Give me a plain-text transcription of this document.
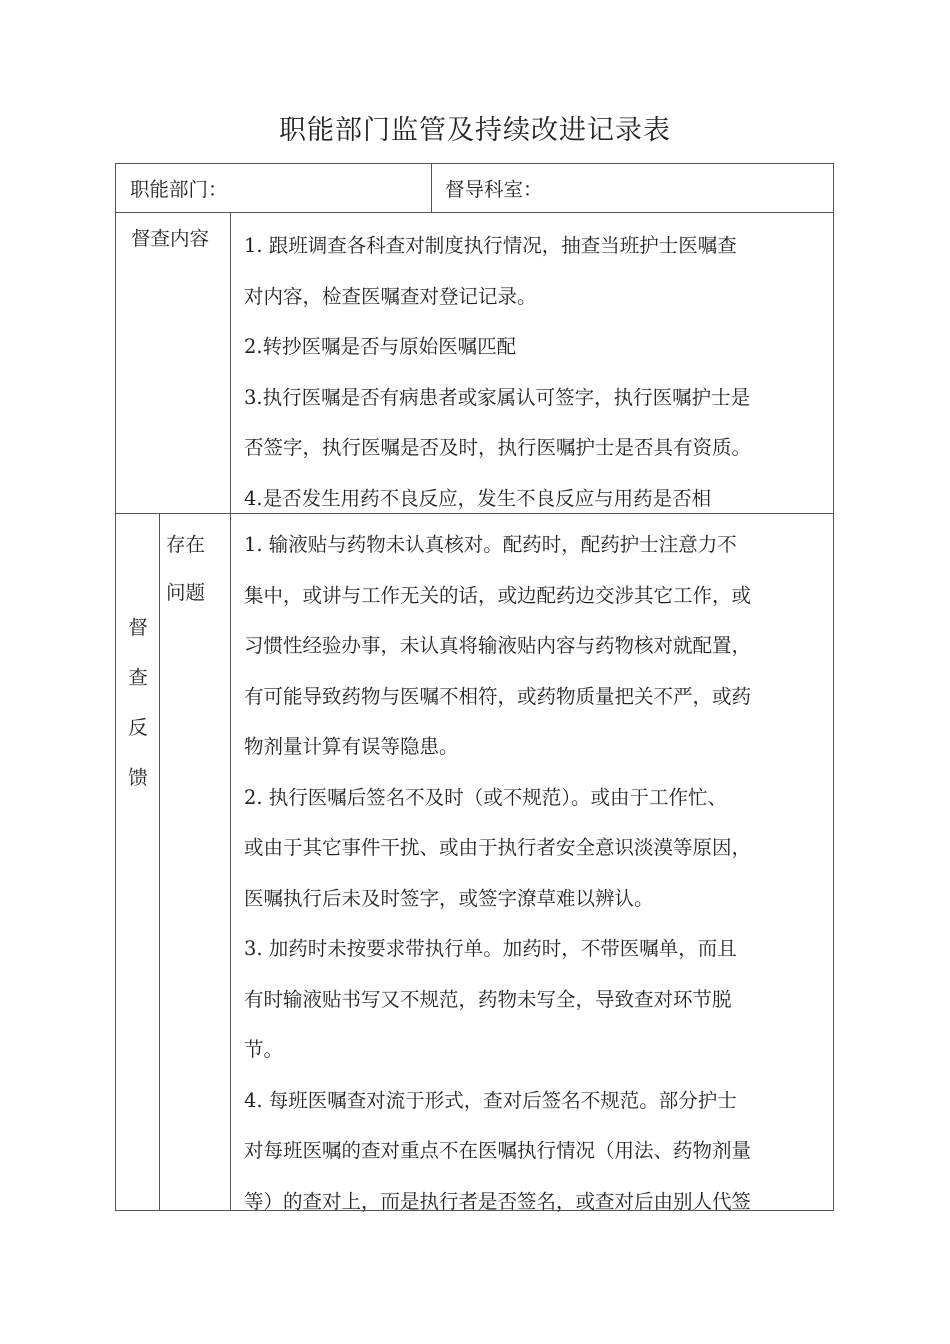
职能部门监管及持续改进记录表
职能部门：	督导科室：
督查内容 1. 跟班调查各科查对制度执行情况，抽查当班护士医嘱查
对内容，检查医嘱查对登记记录。
2.转抄医嘱是否与原始医嘱匹配
3.执行医嘱是否有病患者或家属认可签字，执行医嘱护士是
否签字，执行医嘱是否及时，执行医嘱护士是否具有资质。
4.是否发生用药不良反应，发生不良反应与用药是否相
督
查
反
馈
存在
问题
1. 输液贴与药物未认真核对。配药时，配药护士注意力不
集中，或讲与工作无关的话，或边配药边交涉其它工作，或
习惯性经验办事，未认真将输液贴内容与药物核对就配置，
有可能导致药物与医嘱不相符，或药物质量把关不严，或药
物剂量计算有误等隐患。
2. 执行医嘱后签名不及时（或不规范）。或由于工作忙、
或由于其它事件干扰、或由于执行者安全意识淡漠等原因，
医嘱执行后未及时签字，或签字潦草难以辨认。
3. 加药时未按要求带执行单。加药时，不带医嘱单，而且
有时输液贴书写又不规范，药物未写全，导致查对环节脱
节。
4. 每班医嘱查对流于形式，查对后签名不规范。部分护士
对每班医嘱的查对重点不在医嘱执行情况（用法、药物剂量
等）的查对上，而是执行者是否签名，或查对后由别人代签
